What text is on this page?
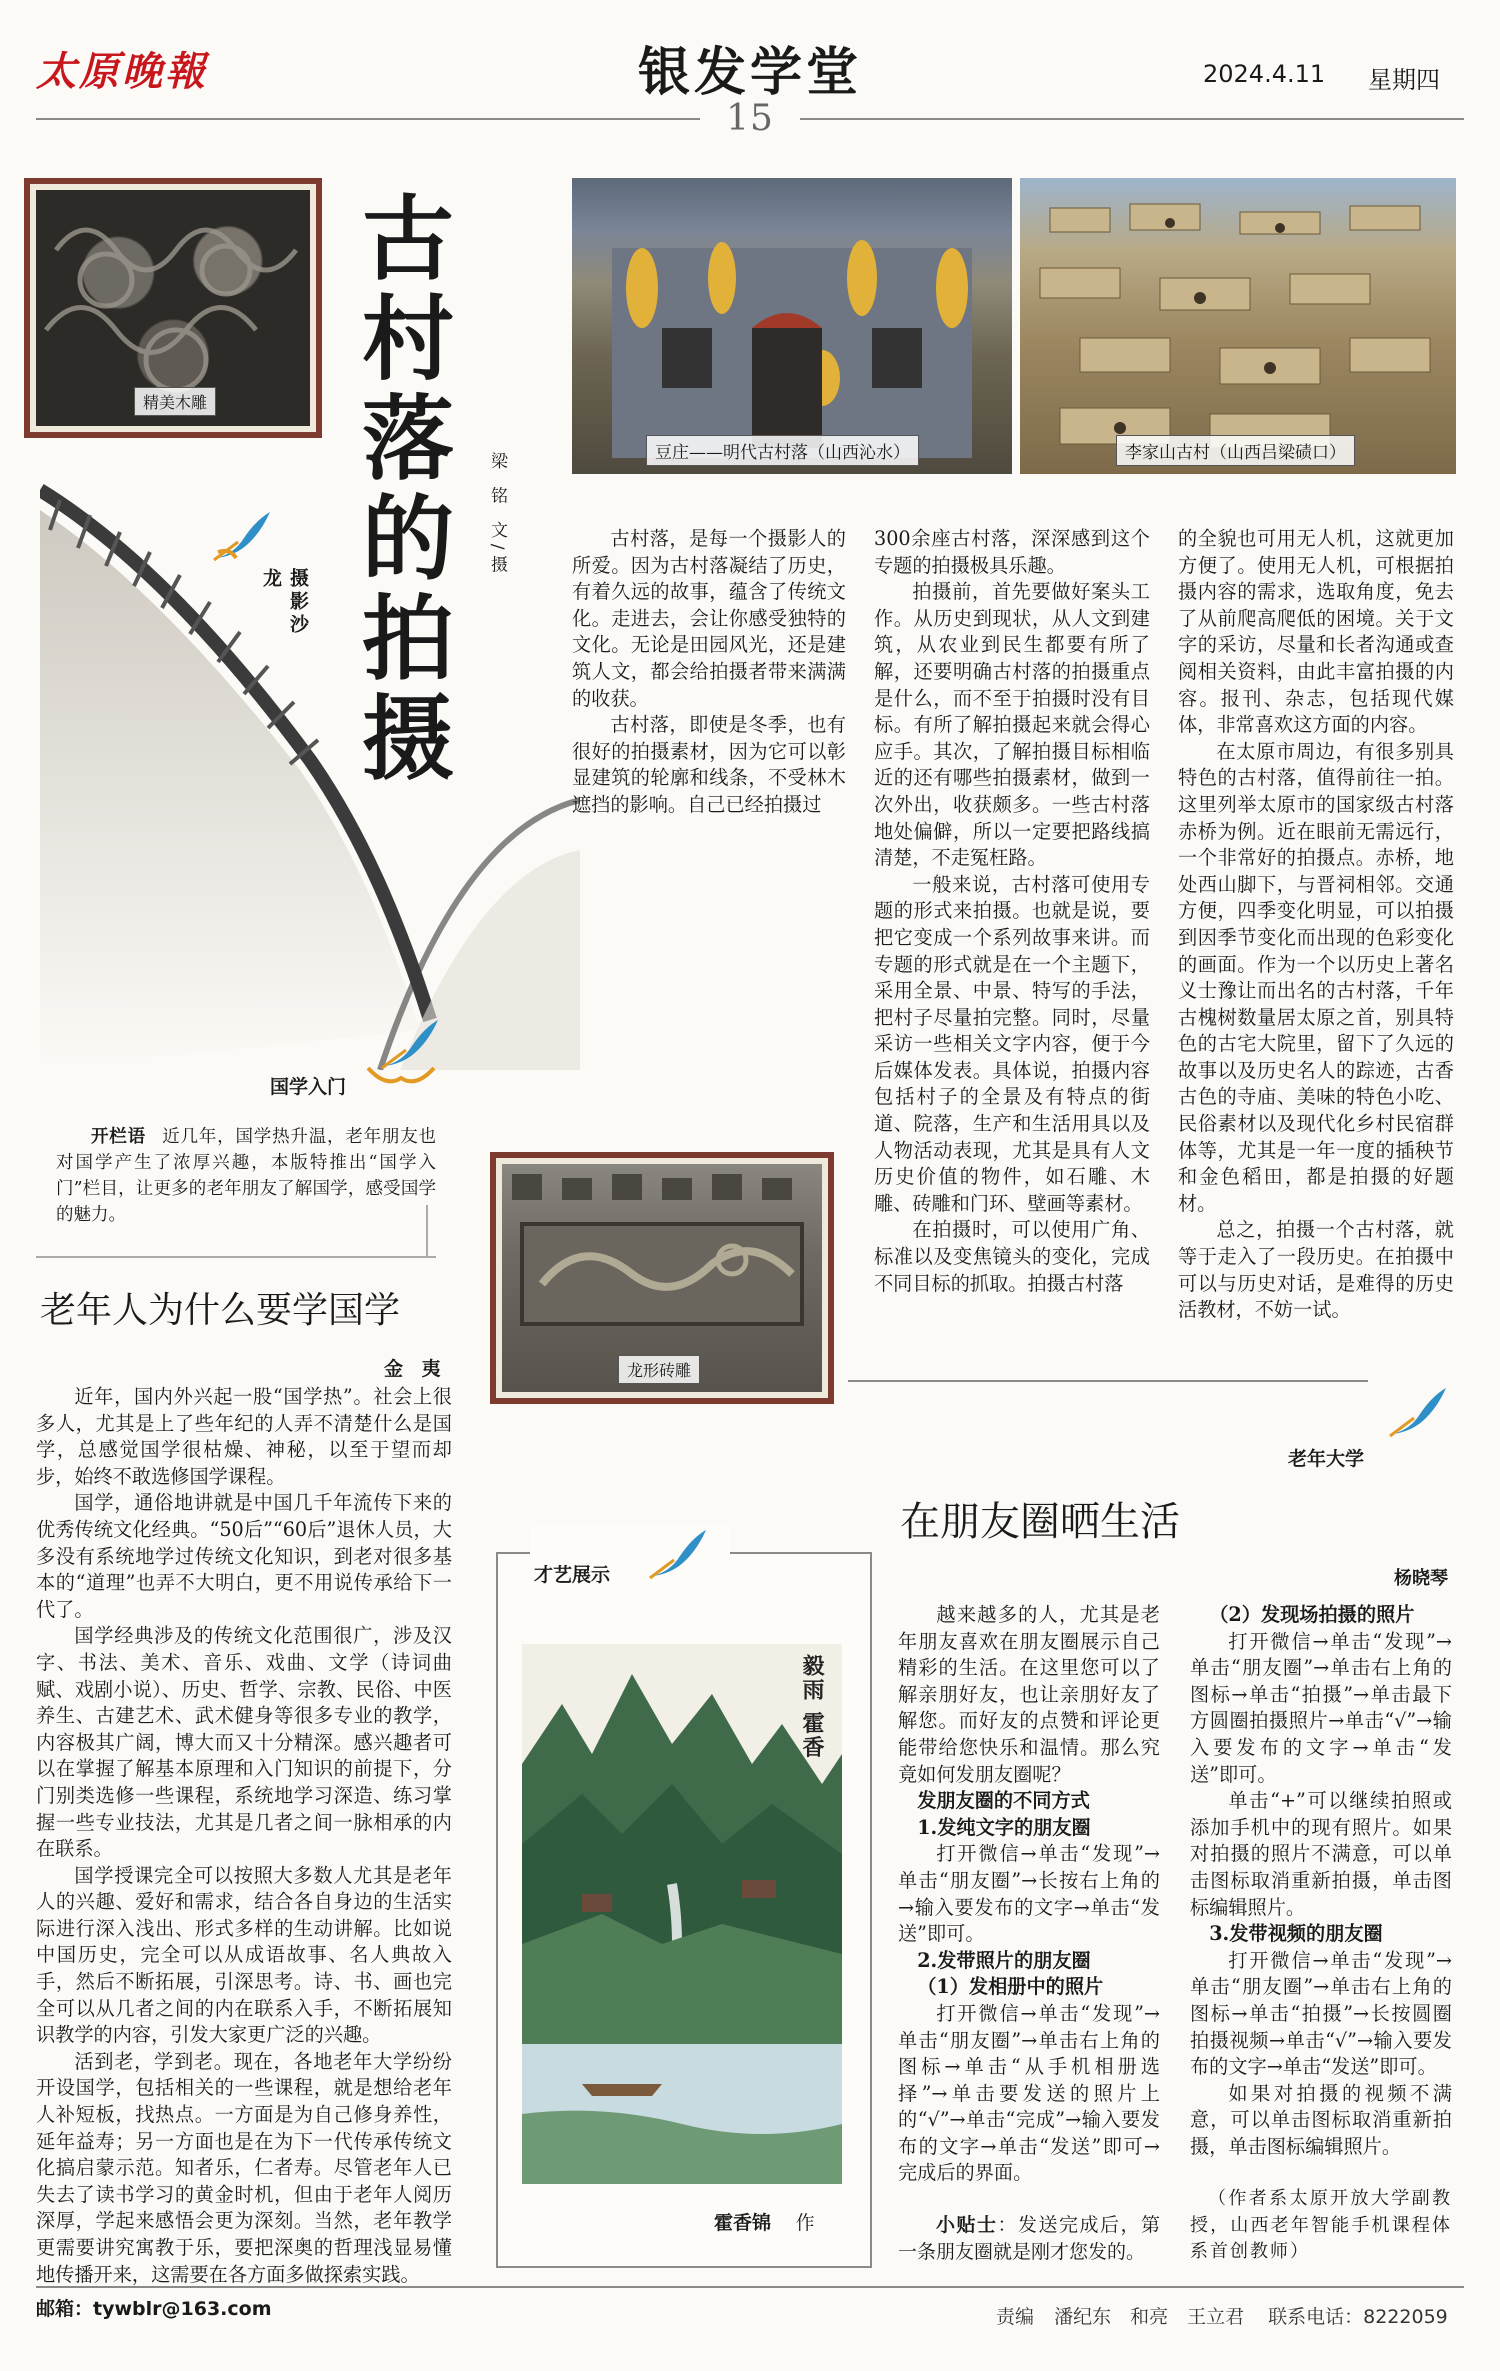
太原晚報	银发学堂	2024.4.11 星期四
15
精美木雕 古村落的拍摄 梁 铭 文/摄
摄影沙龙
豆庄——明代古村落（山西沁水）	李家山古村（山西吕梁碛口）

古村落，是每一个摄影人的所爱。因为古村落凝结了历史，有着久远的故事，蕴含了传统文化。走进去，会让你感受独特的文化。无论是田园风光，还是建筑人文，都会给拍摄者带来满满的收获。

古村落，即使是冬季，也有很好的拍摄素材，因为它可以彰显建筑的轮廓和线条，不受林木遮挡的影响。自己已经拍摄过

300余座古村落，深深感到这个专题的拍摄极具乐趣。

拍摄前，首先要做好案头工作。从历史到现状，从人文到建筑，从农业到民生都要有所了解，还要明确古村落的拍摄重点是什么，而不至于拍摄时没有目标。有所了解拍摄起来就会得心应手。其次，了解拍摄目标相临近的还有哪些拍摄素材，做到一次外出，收获颇多。一些古村落地处偏僻，所以一定要把路线搞清楚，不走冤枉路。

一般来说，古村落可使用专题的形式来拍摄。也就是说，要把它变成一个系列故事来讲。而专题的形式就是在一个主题下，采用全景、中景、特写的手法，把村子尽量拍完整。同时，尽量采访一些相关文字内容，便于今后媒体发表。具体说，拍摄内容包括村子的全景及有特点的街道、院落，生产和生活用具以及人物活动表现，尤其是具有人文历史价值的物件，如石雕、木雕、砖雕和门环、壁画等素材。

在拍摄时，可以使用广角、标准以及变焦镜头的变化，完成不同目标的抓取。拍摄古村落

的全貌也可用无人机，这就更加方便了。使用无人机，可根据拍摄内容的需求，选取角度，免去了从前爬高爬低的困境。关于文字的采访，尽量和长者沟通或查阅相关资料，由此丰富拍摄的内容。报刊、杂志，包括现代媒体，非常喜欢这方面的内容。

在太原市周边，有很多别具特色的古村落，值得前往一拍。这里列举太原市的国家级古村落赤桥为例。近在眼前无需远行，一个非常好的拍摄点。赤桥，地处西山脚下，与晋祠相邻。交通方便，四季变化明显，可以拍摄到因季节变化而出现的色彩变化的画面。作为一个以历史上著名义士豫让而出名的古村落，千年古槐树数量居太原之首，别具特色的古宅大院里，留下了久远的故事以及历史名人的踪迹，古香古色的寺庙、美味的特色小吃、民俗素材以及现代化乡村民宿群体等，尤其是一年一度的插秧节和金色稻田，都是拍摄的好题材。

总之，拍摄一个古村落，就等于走入了一段历史。在拍摄中可以与历史对话，是难得的历史活教材，不妨一试。

龙形砖雕
国学入门
开栏语 近几年，国学热升温，老年朋友也对国学产生了浓厚兴趣，本版特推出“国学入门”栏目，让更多的老年朋友了解国学，感受国学的魅力。
老年人为什么要学国学
金 夷

近年，国内外兴起一股“国学热”。社会上很多人，尤其是上了些年纪的人弄不清楚什么是国学，总感觉国学很枯燥、神秘，以至于望而却步，始终不敢选修国学课程。

国学，通俗地讲就是中国几千年流传下来的优秀传统文化经典。“50后”“60后”退休人员，大多没有系统地学过传统文化知识，到老对很多基本的“道理”也弄不大明白，更不用说传承给下一代了。

国学经典涉及的传统文化范围很广，涉及汉字、书法、美术、音乐、戏曲、文学（诗词曲赋、戏剧小说）、历史、哲学、宗教、民俗、中医养生、古建艺术、武术健身等很多专业的教学，内容极其广阔，博大而又十分精深。感兴趣者可以在掌握了解基本原理和入门知识的前提下，分门别类选修一些课程，系统地学习深造、练习掌握一些专业技法，尤其是几者之间一脉相承的内在联系。

国学授课完全可以按照大多数人尤其是老年人的兴趣、爱好和需求，结合各自身边的生活实际进行深入浅出、形式多样的生动讲解。比如说中国历史，完全可以从成语故事、名人典故入手，然后不断拓展，引深思考。诗、书、画也完全可以从几者之间的内在联系入手，不断拓展知识教学的内容，引发大家更广泛的兴趣。

活到老，学到老。现在，各地老年大学纷纷开设国学，包括相关的一些课程，就是想给老年人补短板，找热点。一方面是为自己修身养性，延年益寿；另一方面也是在为下一代传承传统文化搞启蒙示范。知者乐，仁者寿。尽管老年人已失去了读书学习的黄金时机，但由于老年人阅历深厚，学起来感悟会更为深刻。当然，老年教学更需要讲究寓教于乐，要把深奥的哲理浅显易懂地传播开来，这需要在各方面多做探索实践。

才艺展示
毅雨 霍香
霍香锦 作
老年大学
在朋友圈晒生活
杨晓琴

越来越多的人，尤其是老年朋友喜欢在朋友圈展示自己精彩的生活。在这里您可以了解亲朋好友，也让亲朋好友了解您。而好友的点赞和评论更能带给您快乐和温情。那么究竟如何发朋友圈呢？

发朋友圈的不同方式

1.发纯文字的朋友圈

打开微信→单击“发现”→单击“朋友圈”→长按右上角的→输入要发布的文字→单击“发送”即可。

2.发带照片的朋友圈

（1）发相册中的照片

打开微信→单击“发现”→单击“朋友圈”→单击右上角的图标→单击“从手机相册选择”→单击要发送的照片上的“√”→单击“完成”→输入要发布的文字→单击“发送”即可→完成后的界面。

（2）发现场拍摄的照片

打开微信→单击“发现”→单击“朋友圈”→单击右上角的图标→单击“拍摄”→单击最下方圆圈拍摄照片→单击“√”→输入要发布的文字→单击“发送”即可。

单击“+”可以继续拍照或添加手机中的现有照片。如果对拍摄的照片不满意，可以单击图标取消重新拍摄，单击图标编辑照片。

3.发带视频的朋友圈

打开微信→单击“发现”→单击“朋友圈”→单击右上角的图标→单击“拍摄”→长按圆圈拍摄视频→单击“√”→输入要发布的文字→单击“发送”即可。

如果对拍摄的视频不满意，可以单击图标取消重新拍摄，单击图标编辑照片。

小贴士：发送完成后，第一条朋友圈就是刚才您发的。
（作者系太原开放大学副教授，山西老年智能手机课程体系首创教师）
邮箱：tywblr@163.com	责编 潘纪东　和亮　王立君 联系电话：8222059
